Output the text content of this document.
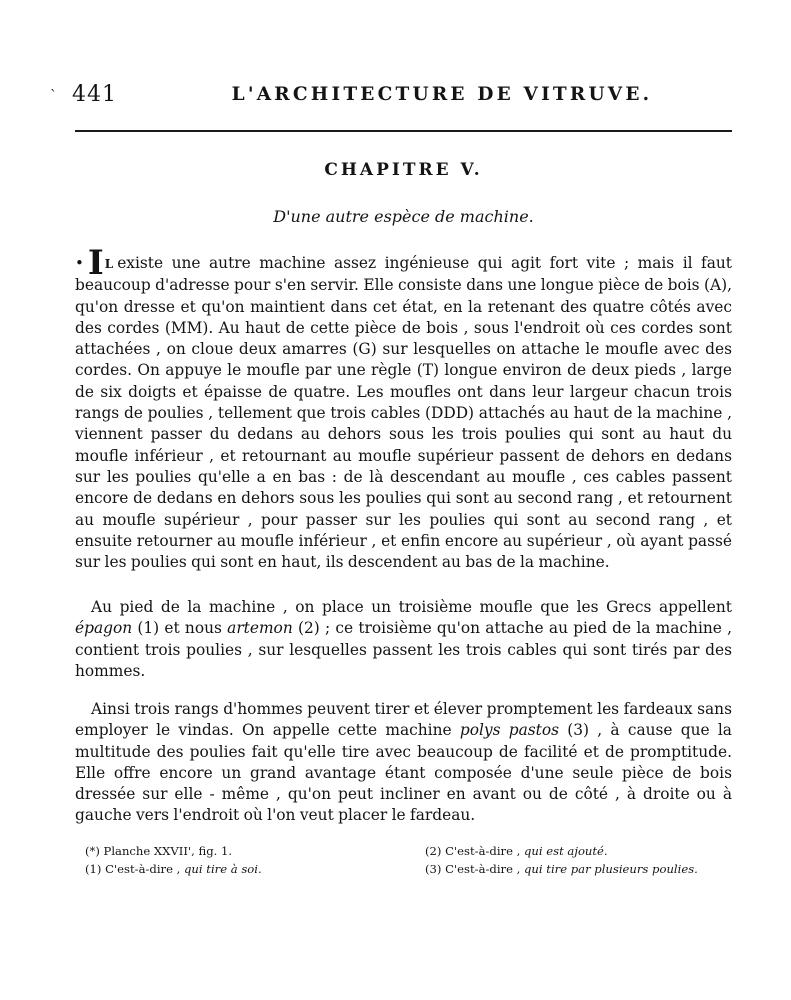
` 441	L'ARCHITECTURE DE VITRUVE.
CHAPITRE V.
D'une autre espèce de machine.

• IL existe une autre machine assez ingénieuse qui agit fort vite ; mais il faut beaucoup d'adresse pour s'en servir. Elle consiste dans une longue pièce de bois (A), qu'on dresse et qu'on maintient dans cet état, en la retenant des quatre côtés avec des cordes (MM). Au haut de cette pièce de bois , sous l'endroit où ces cordes sont attachées , on cloue deux amarres (G) sur lesquelles on attache le moufle avec des cordes. On appuye le moufle par une règle (T) longue environ de deux pieds , large de six doigts et épaisse de quatre. Les moufles ont dans leur largeur chacun trois rangs de poulies , tellement que trois cables (DDD) attachés au haut de la machine , viennent passer du dedans au dehors sous les trois poulies qui sont au haut du moufle inférieur , et retournant au moufle supérieur passent de dehors en dedans sur les poulies qu'elle a en bas : de là descendant au moufle , ces cables passent encore de dedans en dehors sous les poulies qui sont au second rang , et retournent au moufle supérieur , pour passer sur les poulies qui sont au second rang , et ensuite retourner au moufle inférieur , et enfin encore au supérieur , où ayant passé sur les poulies qui sont en haut, ils descendent au bas de la machine.

Au pied de la machine , on place un troisième moufle que les Grecs appellent épagon (1) et nous artemon (2) ; ce troisième qu'on attache au pied de la machine , contient trois poulies , sur lesquelles passent les trois cables qui sont tirés par des hommes.

Ainsi trois rangs d'hommes peuvent tirer et élever promptement les fardeaux sans employer le vindas. On appelle cette machine polys pastos (3) , à cause que la multitude des poulies fait qu'elle tire avec beaucoup de facilité et de promptitude. Elle offre encore un grand avantage étant composée d'une seule pièce de bois dressée sur elle - même , qu'on peut incliner en avant ou de côté , à droite ou à gauche vers l'endroit où l'on veut placer le fardeau.

(*) Planche XXVII', fig. 1.
(1) C'est-à-dire , qui tire à soi.
(2) C'est-à-dire , qui est ajouté.
(3) C'est-à-dire , qui tire par plusieurs poulies.
